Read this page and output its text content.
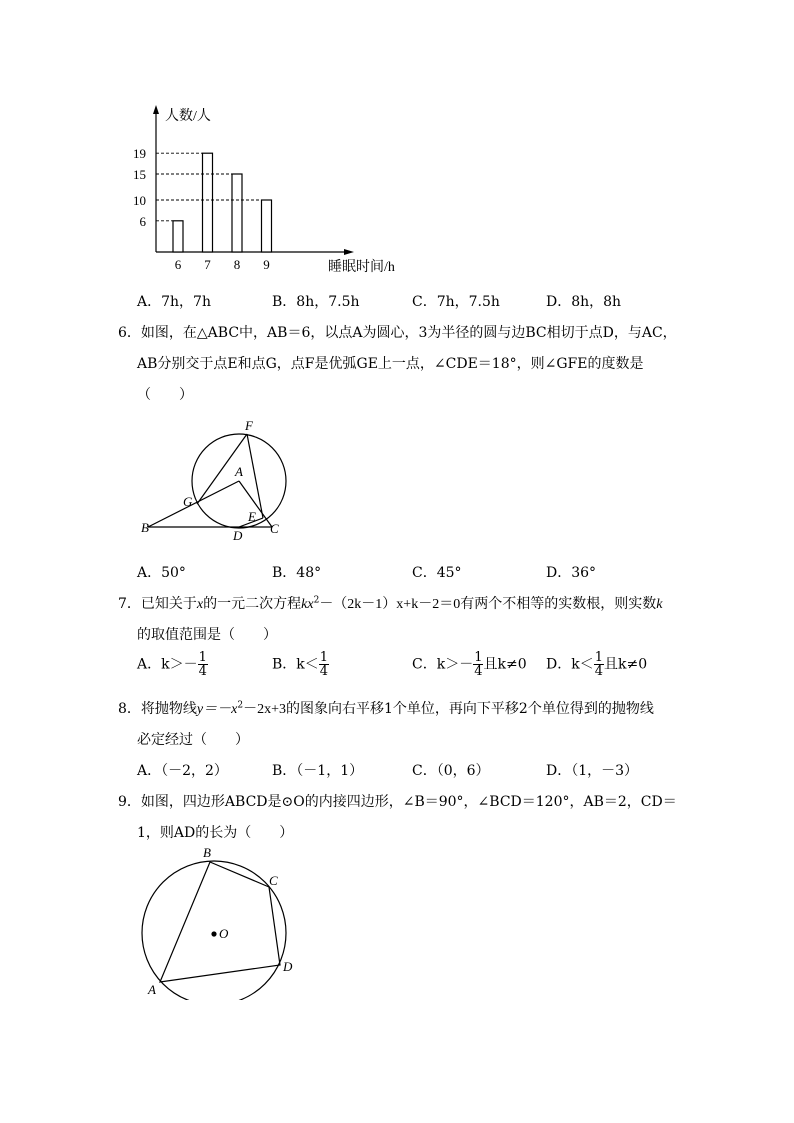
人数/人
睡眠时间/h
6
6
19
7
15
8
10
9
A．7h，7h	B．8h，7.5h	C．7h，7.5h	D．8h，8h
6．如图，在△ABC中，AB＝6，以点A为圆心，3为半径的圆与边BC相切于点D，与AC，
AB分别交于点E和点G，点F是优弧GE上一点，∠CDE＝18°，则∠GFE的度数是
（　　）
F
A
G
B
E
C
D
A．50°	B．48°	C．45°	D．36°
7．已知关于x的一元二次方程$kx^2-(2k-1)x+k-2=0$有两个不相等的实数根，则实数k
的取值范围是（　　）
A．$k>- \frac{1}{4}$	B．$k< \frac{1}{4}$	C．$k>- \frac{1}{4}$ 且k≠0 D．$k< \frac{1}{4}$ 且k≠0
8．将抛物线$y=-x^2-2x+3$的图象向右平移1个单位，再向下平移2个单位得到的抛物线
必定经过（　　）
A．（－2，2）	B．（－1，1）	C．（0，6）	D．（1，－3）
9．如图，四边形ABCD是⊙O的内接四边形，∠B＝90°，∠BCD＝120°，AB＝2，CD＝
1，则AD的长为（　　）
B
C
O
D
A
